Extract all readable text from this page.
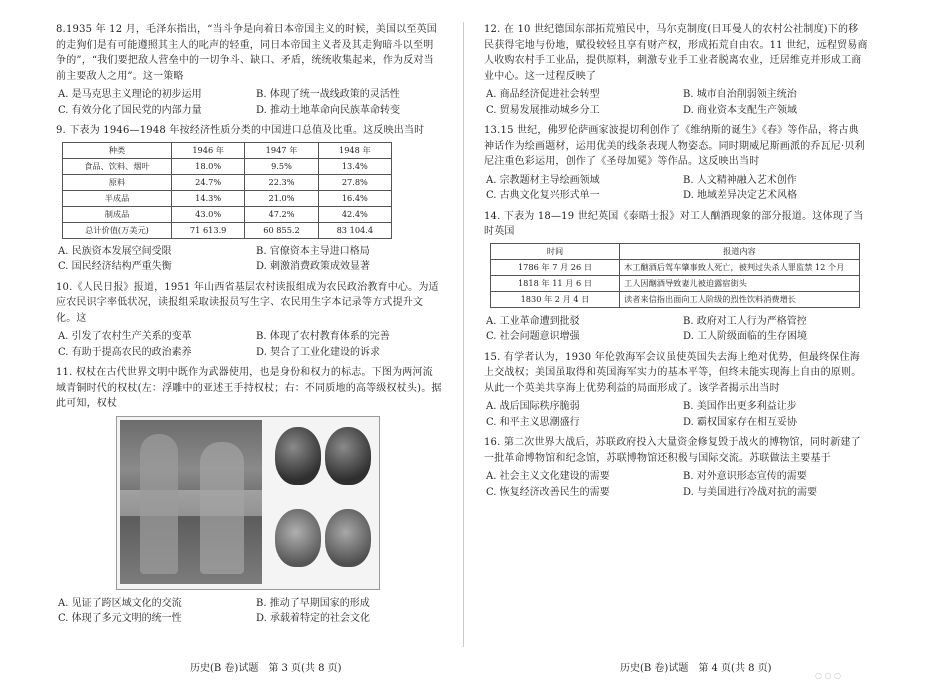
8.1935 年 12 月，毛泽东指出，“当斗争是向着日本帝国主义的时候，美国以至英国的走狗们是有可能遵照其主人的叱声的轻重，同日本帝国主义者及其走狗暗斗以至明争的”，“我们要把敌人营垒中的一切争斗、缺口、矛盾，统统收集起来，作为反对当前主要敌人之用”。这一策略

A. 是马克思主义理论的初步运用	B. 体现了统一战线政策的灵活性
C. 有效分化了国民党的内部力量	D. 推动土地革命向民族革命转变

9. 下表为 1946—1948 年按经济性质分类的中国进口总值及比重。这反映出当时

种类	1946 年	1947 年	1948 年
食品、饮料、烟叶	18.0%	9.5%	13.4%
原料	24.7%	22.3%	27.8%
半成品	14.3%	21.0%	16.4%
制成品	43.0%	47.2%	42.4%
总计价值(万美元)	71 613.9	60 855.2	83 104.4
A. 民族资本发展空间受限	B. 官僚资本主导进口格局
C. 国民经济结构严重失衡	D. 刺激消费政策成效显著

10.《人民日报》报道，1951 年山西省基层农村读报组成为农民政治教育中心。为适应农民识字率低状况，读报组采取读报员写生字、农民用生字本记录等方式提升文化。这

A. 引发了农村生产关系的变革	B. 体现了农村教育体系的完善
C. 有助于提高农民的政治素养	D. 契合了工业化建设的诉求

11. 权杖在古代世界文明中既作为武器使用，也是身份和权力的标志。下图为两河流域青铜时代的权杖(左：浮雕中的亚述王手持权杖；右：不同质地的高等级权杖头)。据此可知，权杖

A. 见证了跨区域文化的交流	B. 推动了早期国家的形成
C. 体现了多元文明的统一性	D. 承载着特定的社会文化

12. 在 10 世纪德国东部拓荒殖民中，马尔克制度(日耳曼人的农村公社制度)下的移民获得宅地与份地，赋役较轻且享有财产权，形成拓荒自由农。11 世纪，远程贸易商人收购农村手工业品，提供原料，刺激专业手工业者脱离农业，迁居维克并形成工商业中心。这一过程反映了

A. 商品经济促进社会转型	B. 城市自治削弱领主统治
C. 贸易发展推动城乡分工	D. 商业资本支配生产领域

13.15 世纪，佛罗伦萨画家波提切利创作了《维纳斯的诞生》《春》等作品，将古典神话作为绘画题材，运用优美的线条表现人物姿态。同时期威尼斯画派的乔瓦尼·贝利尼注重色彩运用，创作了《圣母加冕》等作品。这反映出当时

A. 宗教题材主导绘画领域	B. 人文精神融入艺术创作
C. 古典文化复兴形式单一	D. 地域差异决定艺术风格

14. 下表为 18—19 世纪英国《泰晤士报》对工人酗酒现象的部分报道。这体现了当时英国

时间	报道内容
1786 年 7 月 26 日	木工酗酒后驾车肇事致人死亡，被判过失杀人罪监禁 12 个月
1818 年 11 月 6 日	工人因酗酒导致妻儿被迫露宿街头
1830 年 2 月 4 日	读者来信指出面向工人阶级的烈性饮料消费增长
A. 工业革命遭到批驳	B. 政府对工人行为严格管控
C. 社会问题意识增强	D. 工人阶级面临的生存困境

15. 有学者认为，1930 年伦敦海军会议虽使英国失去海上绝对优势，但最终保住海上交战权；美国虽取得和英国海军实力的基本平等，但终未能实现海上自由的原则。从此一个英美共享海上优势利益的局面形成了。该学者揭示出当时

A. 战后国际秩序脆弱	B. 美国作出更多利益让步
C. 和平主义思潮盛行	D. 霸权国家存在相互妥协

16. 第二次世界大战后，苏联政府投入大量资金修复毁于战火的博物馆，同时新建了一批革命博物馆和纪念馆，苏联博物馆还积极与国际交流。苏联做法主要基于

A. 社会主义文化建设的需要	B. 对外意识形态宣传的需要
C. 恢复经济改善民生的需要	D. 与美国进行冷战对抗的需要
历史(B 卷)试题　第 3 页(共 8 页)	历史(B 卷)试题　第 4 页(共 8 页)
○ ○ ○
